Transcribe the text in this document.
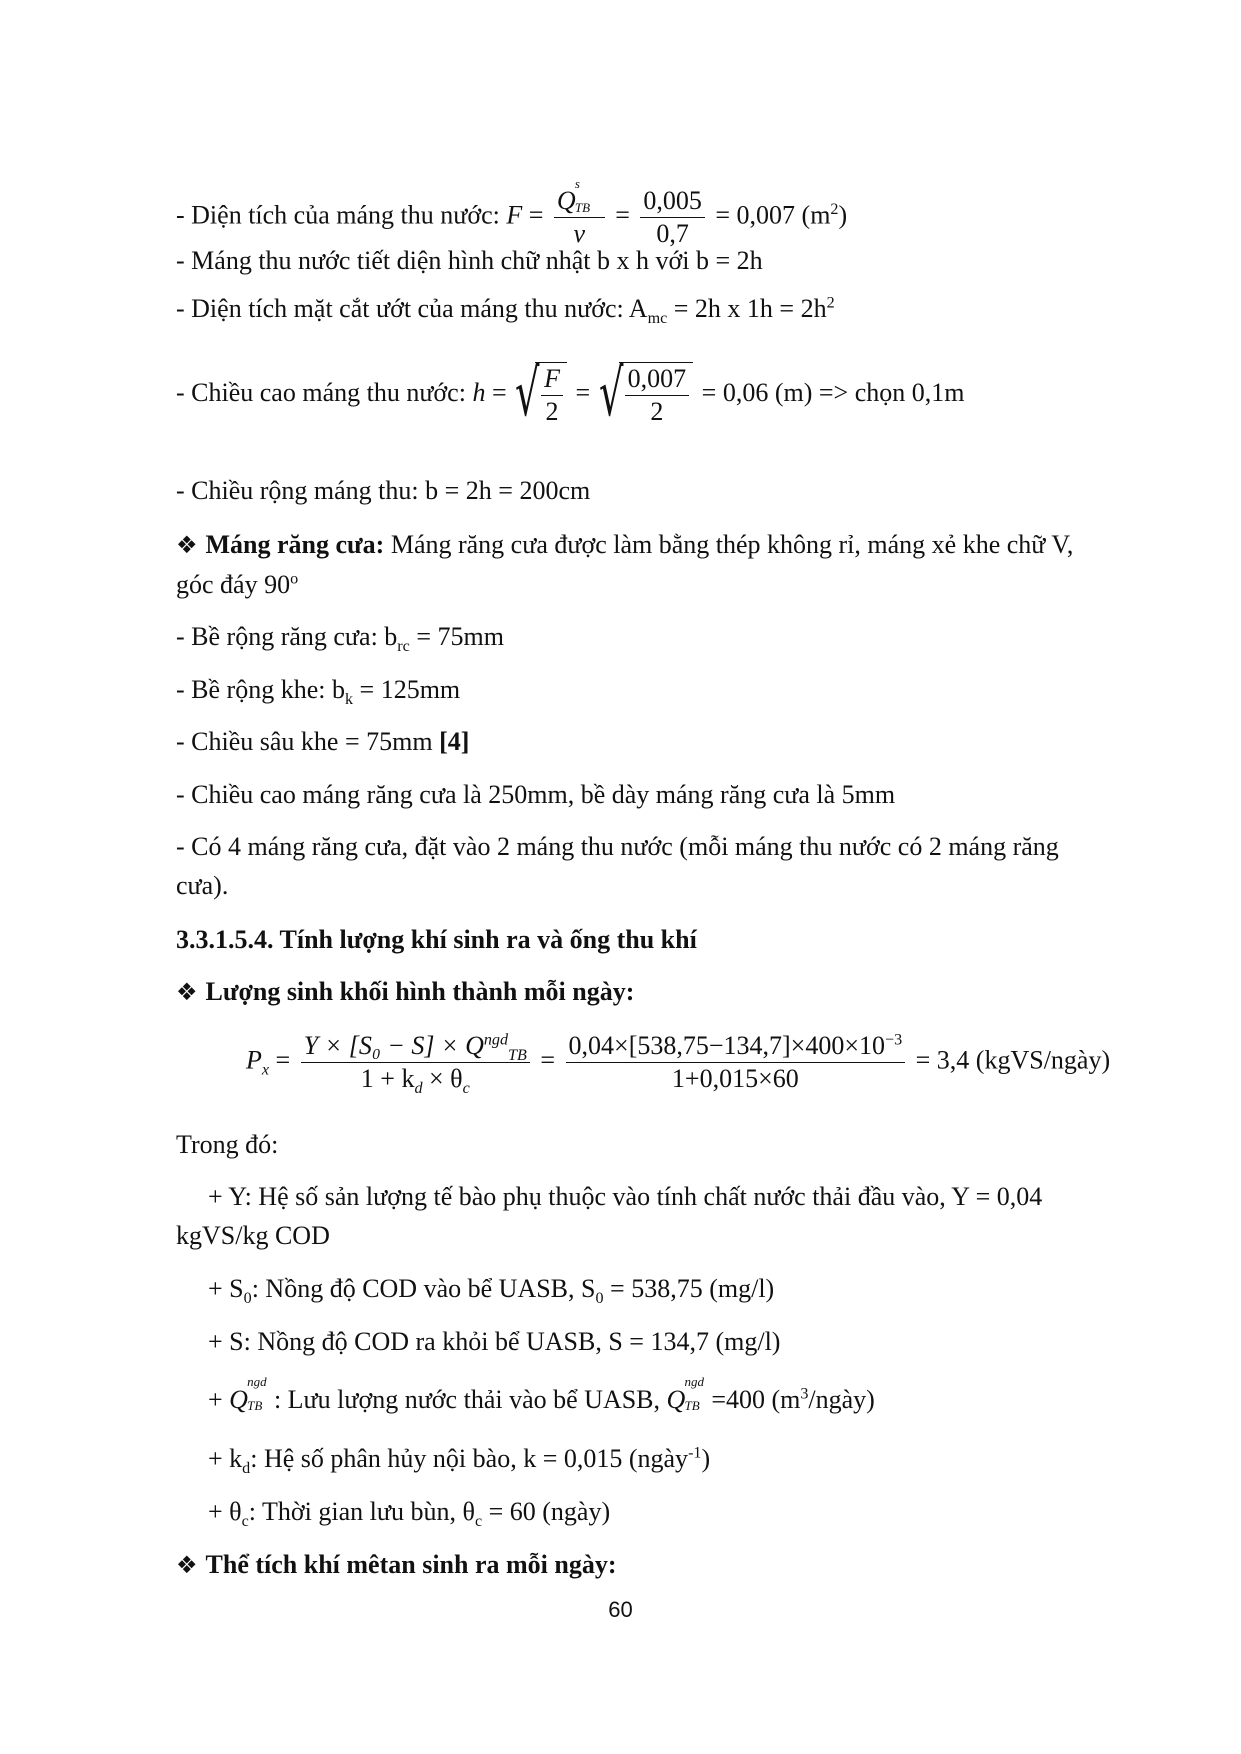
- Diện tích của máng thu nước: F = Q
s
TB
$v = \frac{0,005}{0,7} = 0,007$ $(m^2)$
- Máng thu nước tiết diện hình chữ nhật b x h với b = 2h
- Diện tích mặt cắt ướt của máng thu nước: $A_{mc} = 2h$ x $1h = 2h^2$
- Chiều cao máng thu nước: h = √ $\frac{F}{2}$ = √ $\frac{0,007}{2} = 0,06$ (m) => chọn 0,1m
- Chiều rộng máng thu: b = 2h = 200cm
❖ Máng răng cưa: Máng răng cưa được làm bằng thép không rỉ, máng xẻ khe chữ V,
góc đáy 90$^o$
- Bề rộng răng cưa: $b_{rc} = 75mm$
- Bề rộng khe: $b_k = 125mm$
- Chiều sâu khe = 75mm [4]
- Chiều cao máng răng cưa là 250mm, bề dày máng răng cưa là 5mm
- Có 4 máng răng cưa, đặt vào 2 máng thu nước (mỗi máng thu nước có 2 máng răng
cưa).
3.3.1.5.4. Tính lượng khí sinh ra và ống thu khí
❖ Lượng sinh khối hình thành mỗi ngày:
$P_x = \frac{Y \times [S_0 - S] \times Q^{ngd}_{TB}}{1 + k_d \times \theta_c} = \frac{0,04\times[538,75-134,7]\times 400\times 10^{-3}}{1+0,015\times 60} = 3,4$ (kgVS/ngày)
Trong đó:
+ Y: Hệ số sản lượng tế bào phụ thuộc vào tính chất nước thải đầu vào, Y = 0,04
kgVS/kg COD
+ $S_0$: Nồng độ COD vào bể UASB, $S_0 = 538,75$ (mg/l)
+ S: Nồng độ COD ra khỏi bể UASB, S = 134,7 (mg/l)
+ Q
ngd
TB : Lưu lượng nước thải vào bể UASB, Q
ngd
TB =400 $(m^3/ngày)$
+ $k_d$: Hệ số phân hủy nội bào, k = 0,015 (ngày$^{-1}$)
+ $\theta_c$: Thời gian lưu bùn, $\theta_c = 60$ (ngày)
❖ Thể tích khí mêtan sinh ra mỗi ngày:
60
